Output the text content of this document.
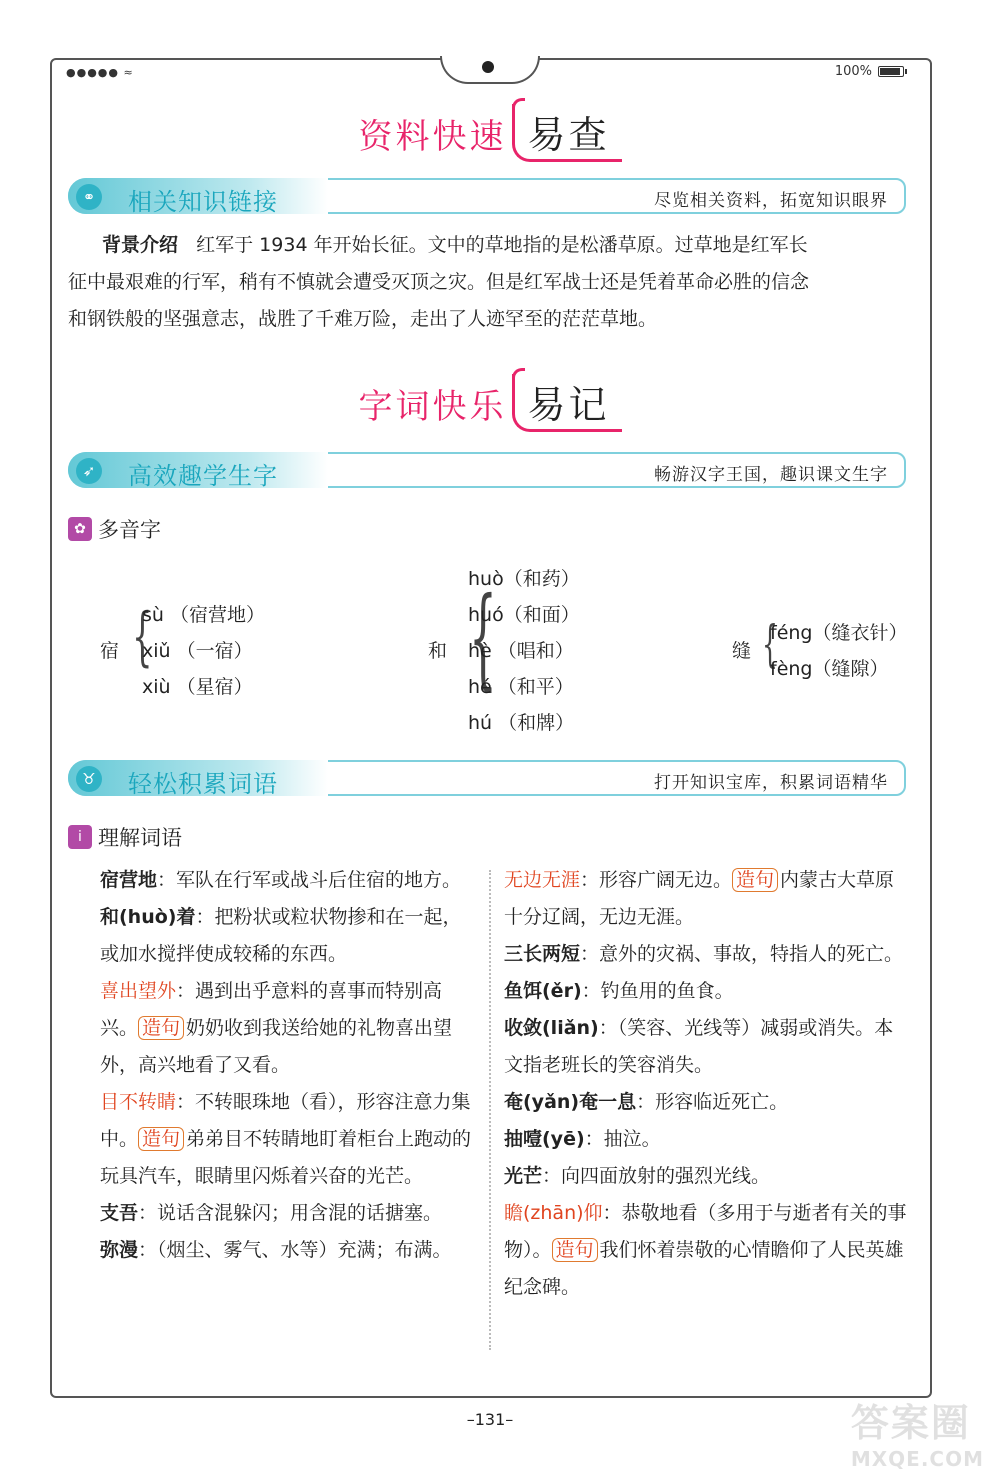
●●●●● ≈	100%
资料快速 易查
⚭ 相关知识链接	尽览相关资料，拓宽知识眼界
背景介绍 红军于 1934 年开始长征。文中的草地指的是松潘草原。过草地是红军长
征中最艰难的行军，稍有不慎就会遭受灭顶之灾。但是红军战士还是凭着革命必胜的信念
和钢铁般的坚强意志，战胜了千难万险，走出了人迹罕至的茫茫草地。
字词快乐 易记
➶ 高效趣学生字	畅游汉字王国，趣识课文生字
✿ 多音字
宿 {
sù （宿营地）
xiǔ （一宿）
xiù （星宿）
和 {
huò（和药）
huó（和面）
hè （唱和）
hé （和平）
hú （和牌）
缝 {
féng（缝衣针）
fèng（缝隙）
♉ 轻松积累词语	打开知识宝库，积累词语精华
ⅰ 理解词语

宿营地：军队在行军或战斗后住宿的地方。

和(huò)着：把粉状或粒状物掺和在一起，或加水搅拌使成较稀的东西。

喜出望外：遇到出乎意料的喜事而特别高兴。 造句 奶奶收到我送给她的礼物喜出望外，高兴地看了又看。

目不转睛：不转眼珠地（看），形容注意力集中。 造句 弟弟目不转睛地盯着柜台上跑动的玩具汽车，眼睛里闪烁着兴奋的光芒。

支吾：说话含混躲闪；用含混的话搪塞。

弥漫：（烟尘、雾气、水等）充满；布满。

无边无涯：形容广阔无边。 造句 内蒙古大草原十分辽阔，无边无涯。

三长两短：意外的灾祸、事故，特指人的死亡。

鱼饵(ěr)：钓鱼用的鱼食。

收敛(liǎn)：（笑容、光线等）减弱或消失。本文指老班长的笑容消失。

奄(yǎn)奄一息：形容临近死亡。

抽噎(yē)：抽泣。

光芒：向四面放射的强烈光线。

瞻(zhān)仰：恭敬地看（多用于与逝者有关的事物）。 造句 我们怀着崇敬的心情瞻仰了人民英雄纪念碑。

–131–	答案圈
MXQE.COM
